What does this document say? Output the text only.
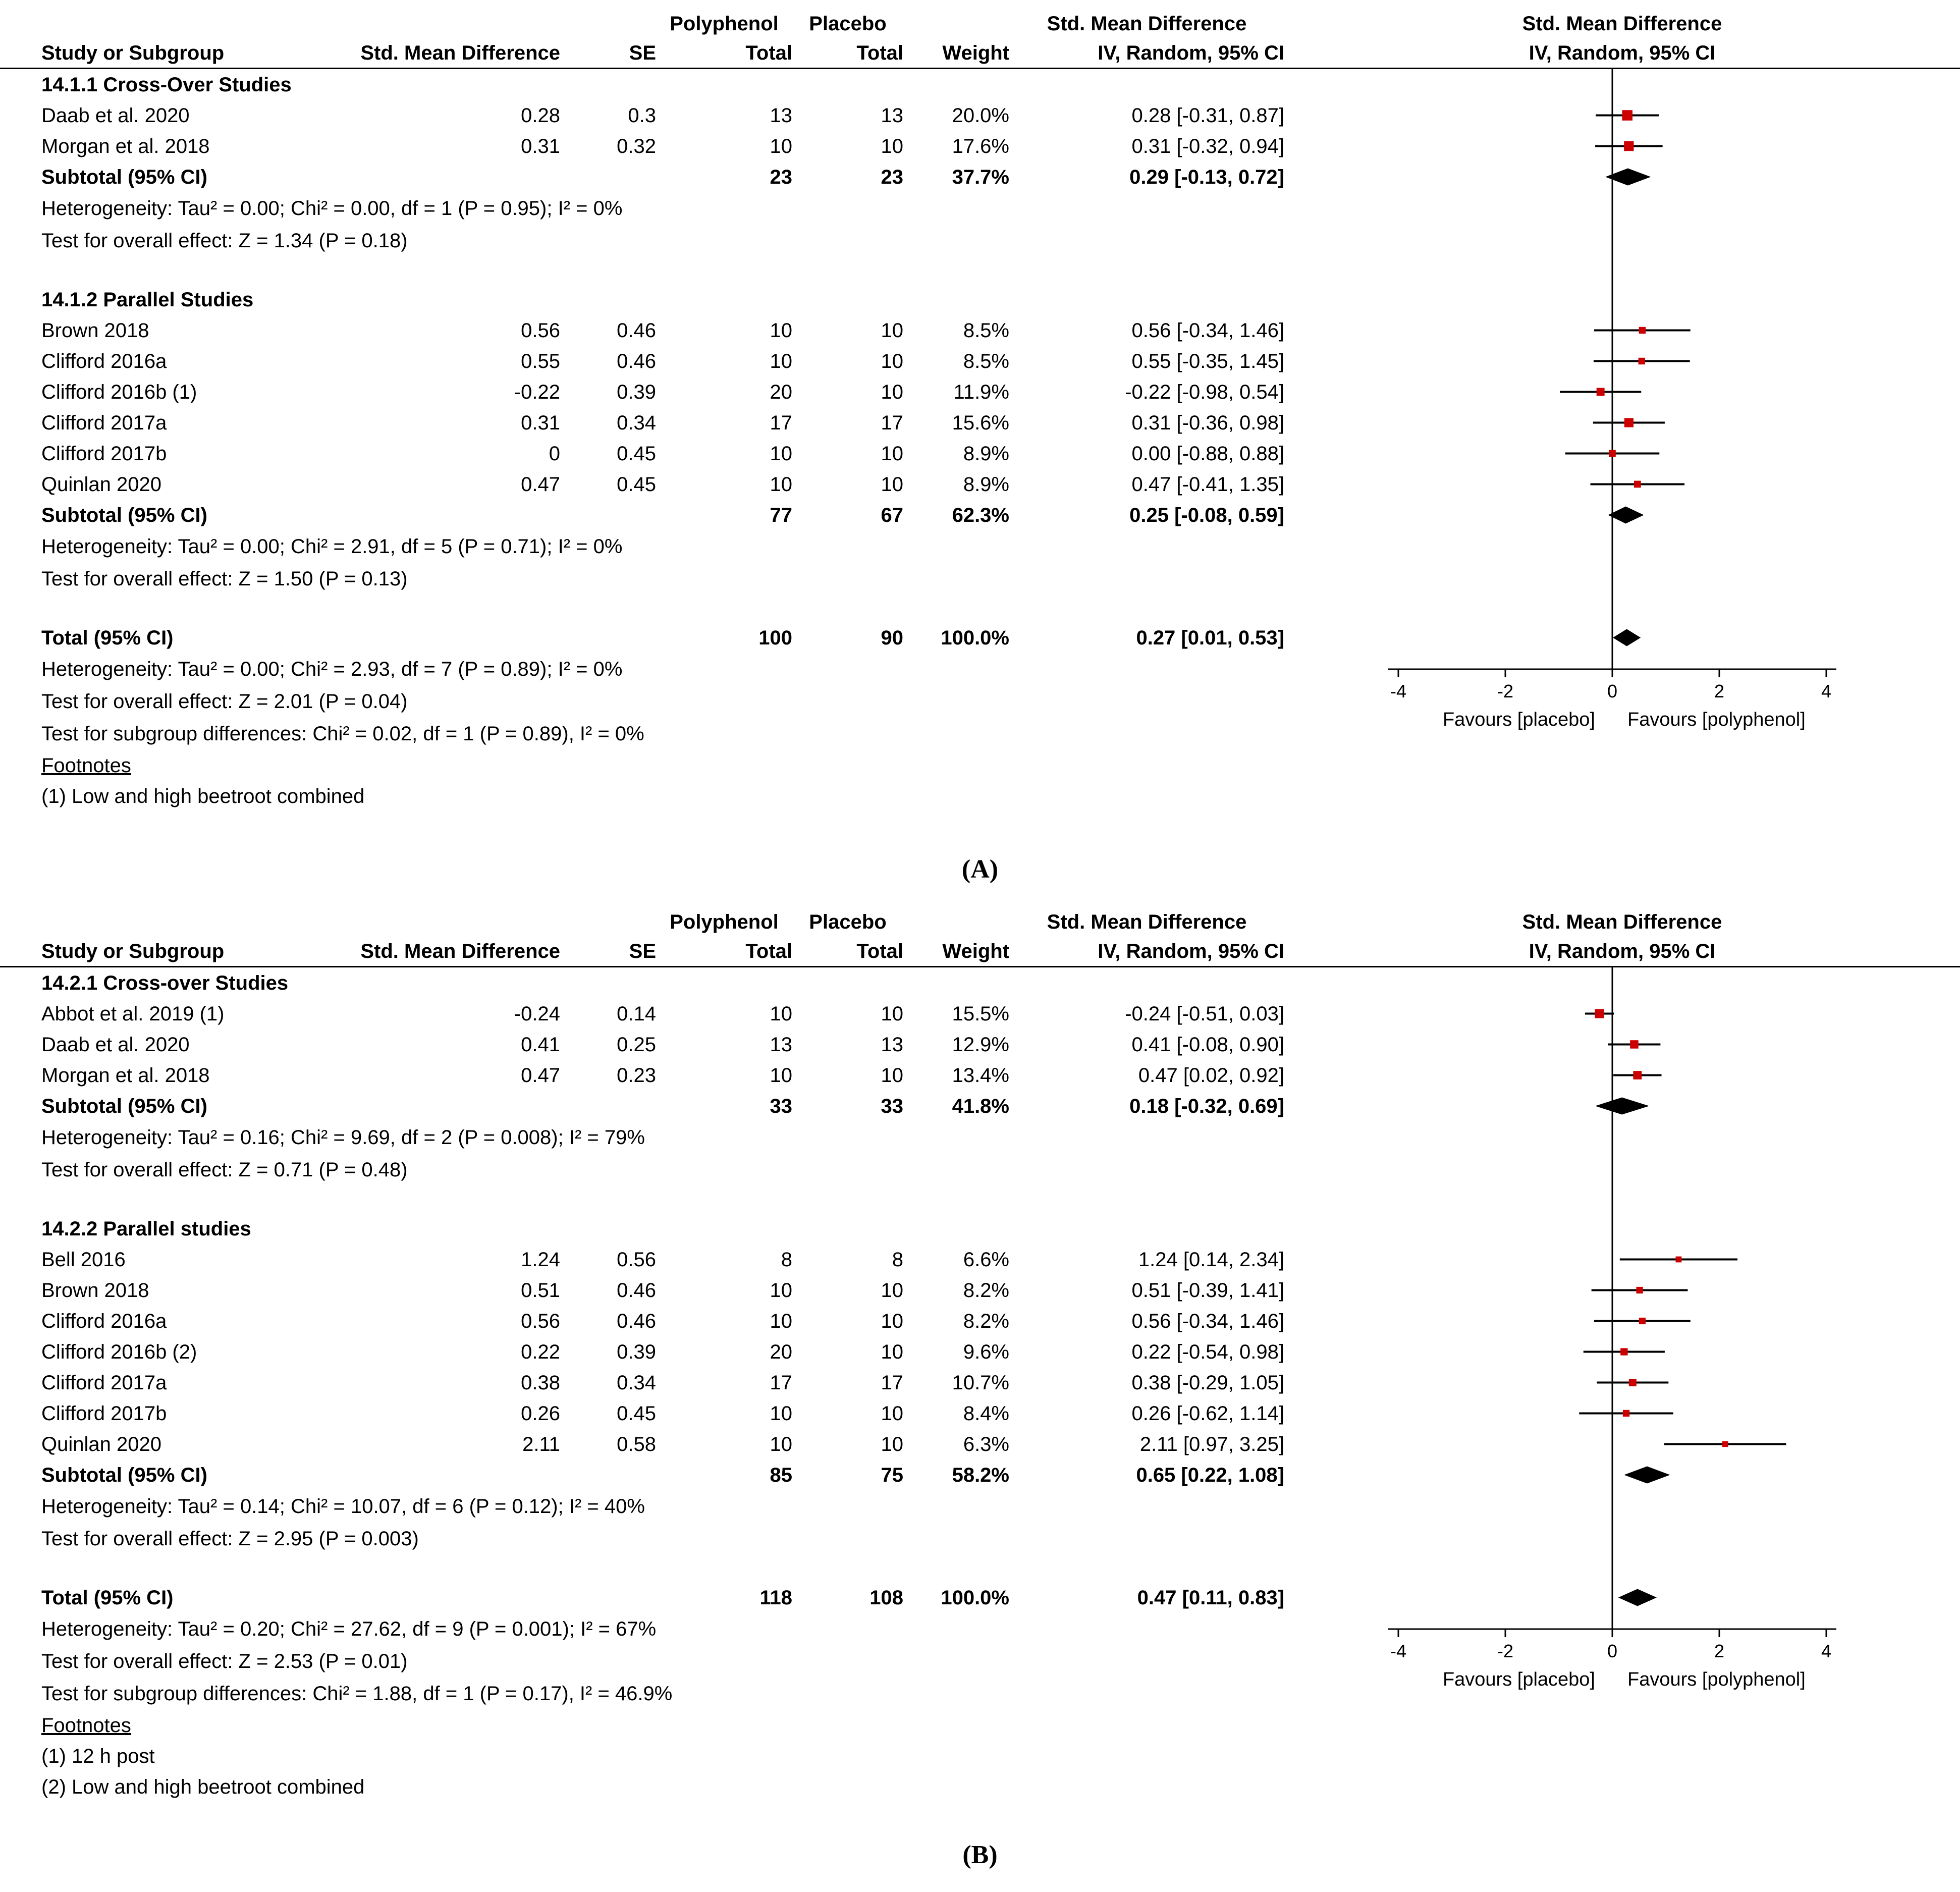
Polyphenol	Placebo	Std. Mean Difference	Std. Mean Difference
Study or Subgroup	Std. Mean Difference	SE	Total	Total	Weight	IV, Random, 95% CI	IV, Random, 95% CI
14.1.1 Cross-Over Studies
Daab et al. 2020	0.28	0.3	13	13	20.0%	0.28 [-0.31, 0.87]
Morgan et al. 2018	0.31	0.32	10	10	17.6%	0.31 [-0.32, 0.94]
Subtotal (95% CI)	23	23	37.7%	0.29 [-0.13, 0.72]
Heterogeneity: Tau² = 0.00; Chi² = 0.00, df = 1 (P = 0.95); I² = 0%
Test for overall effect: Z = 1.34 (P = 0.18)
14.1.2 Parallel Studies
Brown 2018	0.56	0.46	10	10	8.5%	0.56 [-0.34, 1.46]
Clifford 2016a	0.55	0.46	10	10	8.5%	0.55 [-0.35, 1.45]
Clifford 2016b (1)	-0.22	0.39	20	10	11.9%	-0.22 [-0.98, 0.54]
Clifford 2017a	0.31	0.34	17	17	15.6%	0.31 [-0.36, 0.98]
Clifford 2017b	0	0.45	10	10	8.9%	0.00 [-0.88, 0.88]
Quinlan 2020	0.47	0.45	10	10	8.9%	0.47 [-0.41, 1.35]
Subtotal (95% CI)	77	67	62.3%	0.25 [-0.08, 0.59]
Heterogeneity: Tau² = 0.00; Chi² = 2.91, df = 5 (P = 0.71); I² = 0%
Test for overall effect: Z = 1.50 (P = 0.13)
Total (95% CI)	100	90	100.0%	0.27 [0.01, 0.53]
Heterogeneity: Tau² = 0.00; Chi² = 2.93, df = 7 (P = 0.89); I² = 0%
Test for overall effect: Z = 2.01 (P = 0.04)
Test for subgroup differences: Chi² = 0.02, df = 1 (P = 0.89), I² = 0%
Footnotes
(1) Low and high beetroot combined
-4	-2	0	2	4
Favours [placebo] Favours [polyphenol]
(A)
Polyphenol	Placebo	Std. Mean Difference	Std. Mean Difference
Study or Subgroup	Std. Mean Difference	SE	Total	Total	Weight	IV, Random, 95% CI	IV, Random, 95% CI
14.2.1 Cross-over Studies
Abbot et al. 2019 (1)	-0.24	0.14	10	10	15.5%	-0.24 [-0.51, 0.03]
Daab et al. 2020	0.41	0.25	13	13	12.9%	0.41 [-0.08, 0.90]
Morgan et al. 2018	0.47	0.23	10	10	13.4%	0.47 [0.02, 0.92]
Subtotal (95% CI)	33	33	41.8%	0.18 [-0.32, 0.69]
Heterogeneity: Tau² = 0.16; Chi² = 9.69, df = 2 (P = 0.008); I² = 79%
Test for overall effect: Z = 0.71 (P = 0.48)
14.2.2 Parallel studies
Bell 2016	1.24	0.56	8	8	6.6%	1.24 [0.14, 2.34]
Brown 2018	0.51	0.46	10	10	8.2%	0.51 [-0.39, 1.41]
Clifford 2016a	0.56	0.46	10	10	8.2%	0.56 [-0.34, 1.46]
Clifford 2016b (2)	0.22	0.39	20	10	9.6%	0.22 [-0.54, 0.98]
Clifford 2017a	0.38	0.34	17	17	10.7%	0.38 [-0.29, 1.05]
Clifford 2017b	0.26	0.45	10	10	8.4%	0.26 [-0.62, 1.14]
Quinlan 2020	2.11	0.58	10	10	6.3%	2.11 [0.97, 3.25]
Subtotal (95% CI)	85	75	58.2%	0.65 [0.22, 1.08]
Heterogeneity: Tau² = 0.14; Chi² = 10.07, df = 6 (P = 0.12); I² = 40%
Test for overall effect: Z = 2.95 (P = 0.003)
Total (95% CI)	118	108	100.0%	0.47 [0.11, 0.83]
Heterogeneity: Tau² = 0.20; Chi² = 27.62, df = 9 (P = 0.001); I² = 67%
Test for overall effect: Z = 2.53 (P = 0.01)
Test for subgroup differences: Chi² = 1.88, df = 1 (P = 0.17), I² = 46.9%
Footnotes
(1) 12 h post
(2) Low and high beetroot combined
-4	-2	0	2	4
Favours [placebo] Favours [polyphenol]
(B)
